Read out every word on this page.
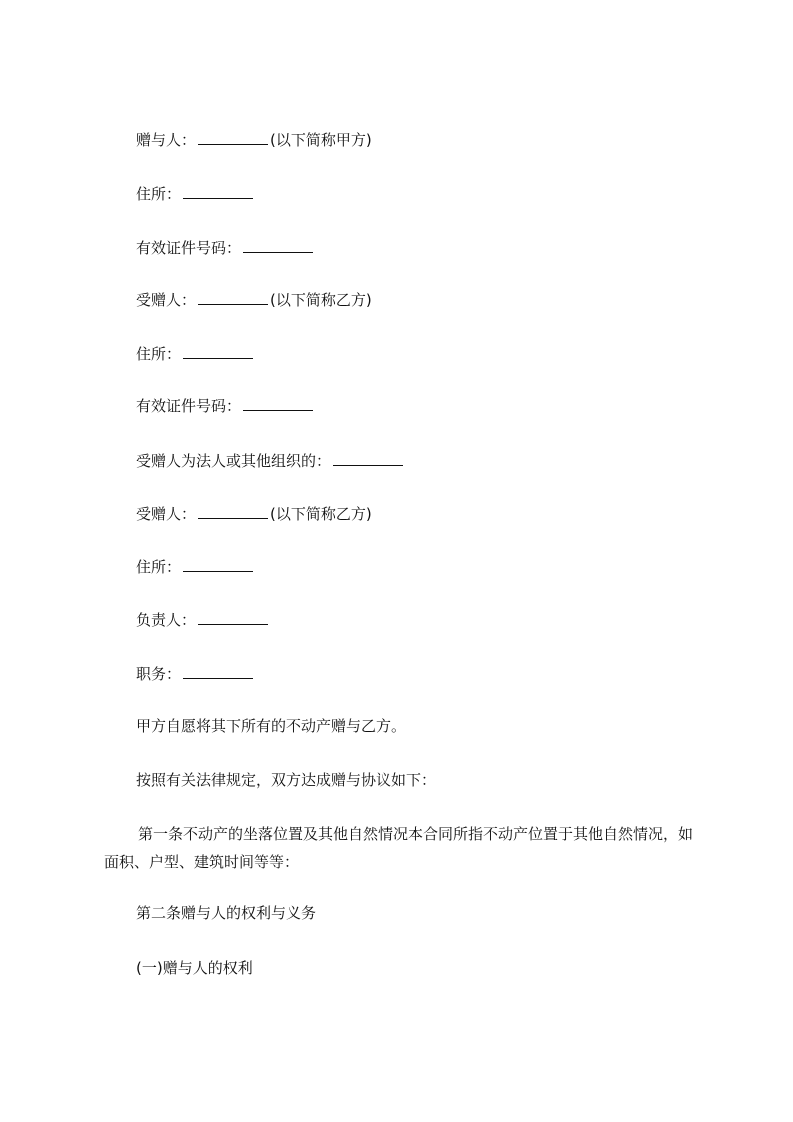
赠与人：	(以下简称甲方)
住所：
有效证件号码：
受赠人：	(以下简称乙方)
住所：
有效证件号码：
受赠人为法人或其他组织的：
受赠人：	(以下简称乙方)
住所：
负责人：
职务：
甲方自愿将其下所有的不动产赠与乙方。
按照有关法律规定，双方达成赠与协议如下：
第一条不动产的坐落位置及其他自然情况本合同所指不动产位置于其他自然情况，如面积、户型、建筑时间等等：
第二条赠与人的权利与义务
(一)赠与人的权利
